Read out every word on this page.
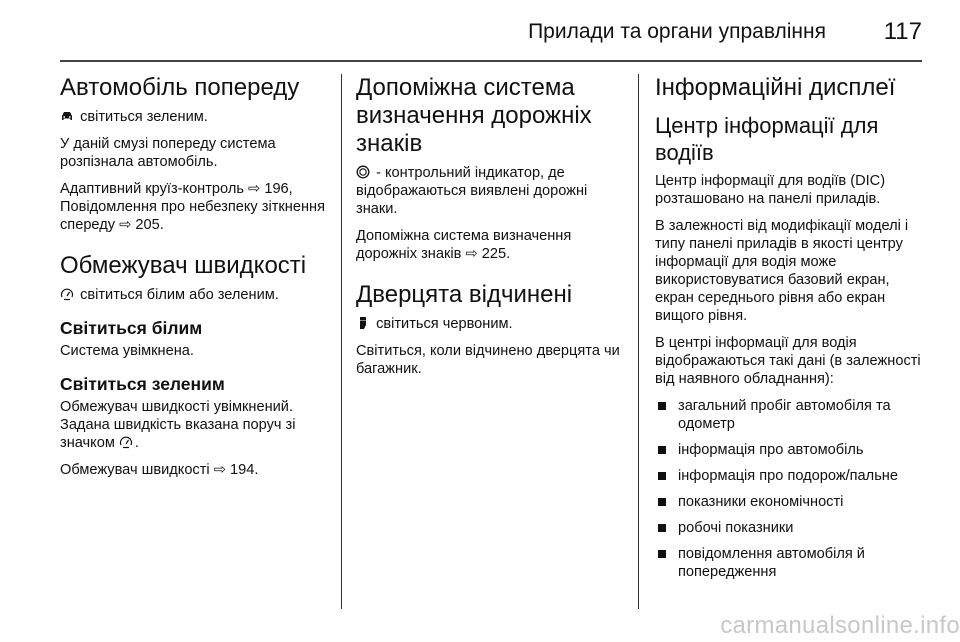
Прилади та органи управління 117
Автомобіль попереду

світиться зеленим.

У даній смузі попереду система розпізнала автомобіль.

Адаптивний круїз-контроль ⇨ 196, Повідомлення про небезпеку зіткнення спереду ⇨ 205.

Обмежувач швидкості

світиться білим або зеленим.

Світиться білим

Система увімкнена.

Світиться зеленим

Обмежувач швидкості увімкнений. Задана швидкість вказана поруч зі значком .

Обмежувач швидкості ⇨ 194.

Допоміжна система визначення дорожніх знаків

- контрольний індикатор, де відображаються виявлені дорожні знаки.

Допоміжна система визначення дорожніх знаків ⇨ 225.

Дверцята відчинені

світиться червоним.

Світиться, коли відчинено дверцята чи багажник.

Інформаційні дисплеї
Центр інформації для водіїв

Центр інформації для водіїв (DIC) розташовано на панелі приладів.

В залежності від модифікації моделі і типу панелі приладів в якості центру інформації для водія може використовуватися базовий екран, екран середнього рівня або екран вищого рівня.

В центрі інформації для водія відображаються такі дані (в залежності від наявного обладнання):

загальний пробіг автомобіля та одометр
інформація про автомобіль
інформація про подорож/пальне
показники економічності
робочі показники
повідомлення автомобіля й попередження
carmanualsonline.info
